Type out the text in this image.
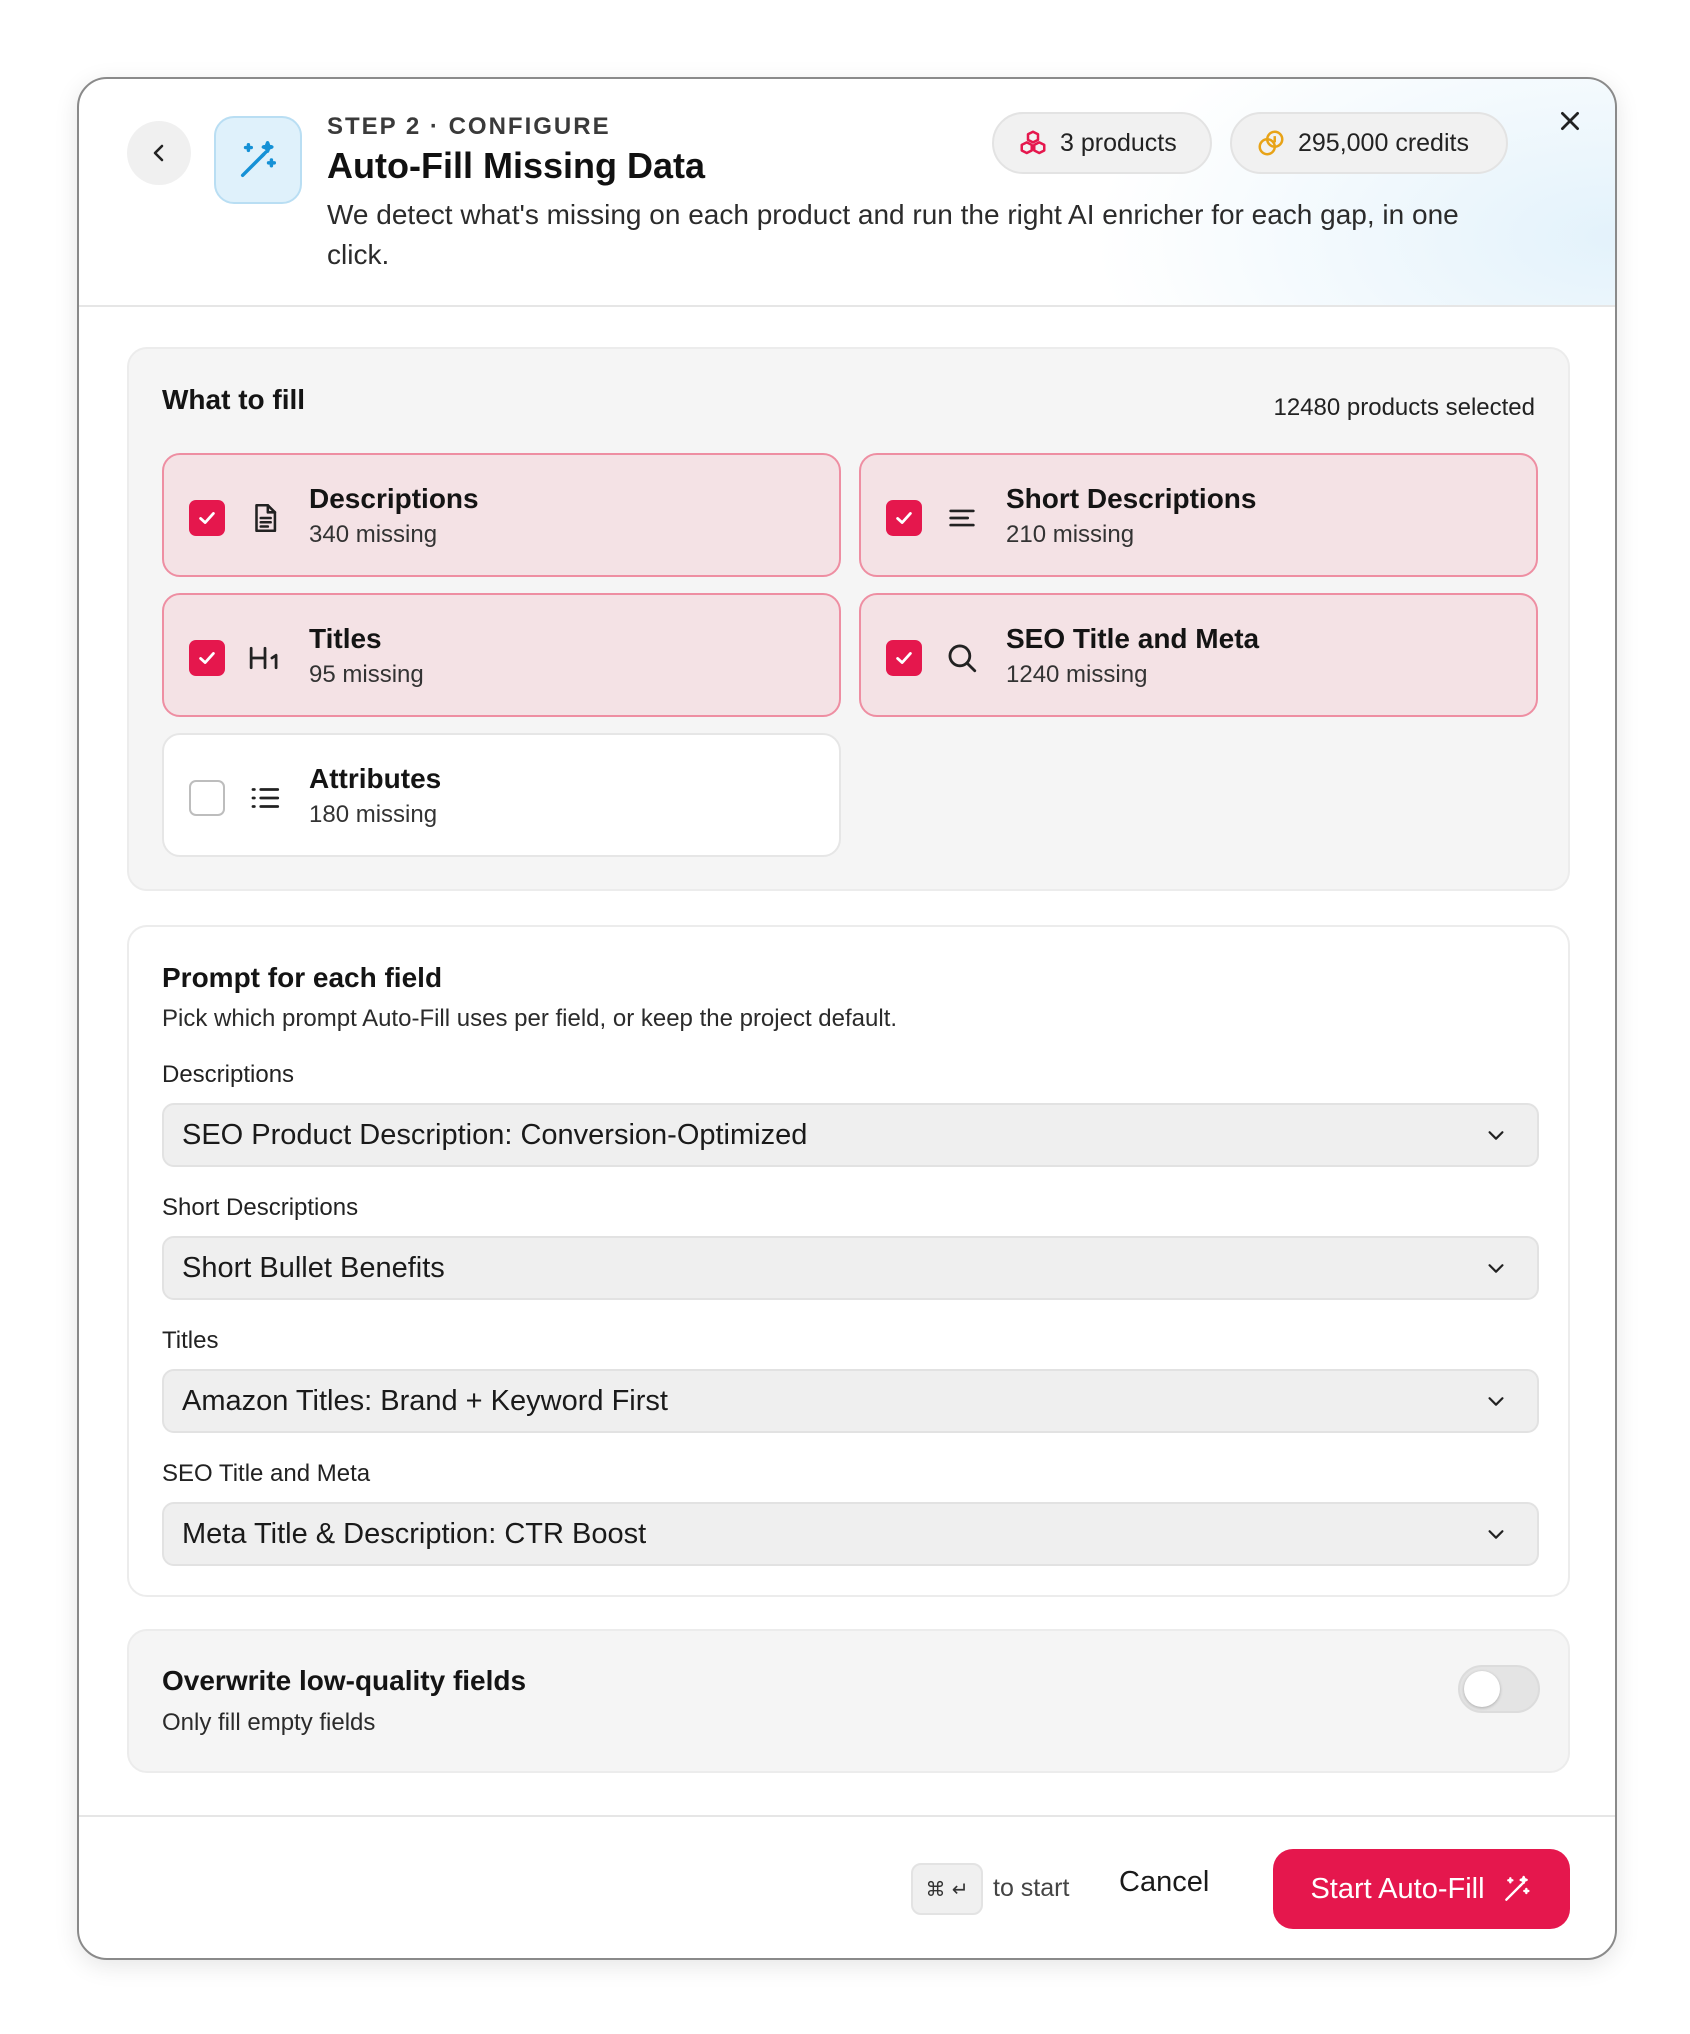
STEP 2 · CONFIGURE
Auto-Fill Missing Data
We detect what's missing on each product and run the right AI enricher for each gap, in one click.
3 products	295,000 credits
What to fill	12480 products selected
Descriptions
340 missing
Short Descriptions
210 missing
Titles
95 missing
SEO Title and Meta
1240 missing
Attributes
180 missing
Prompt for each field
Pick which prompt Auto-Fill uses per field, or keep the project default.
Descriptions
SEO Product Description: Conversion-Optimized
Short Descriptions
Short Bullet Benefits
Titles
Amazon Titles: Brand + Keyword First
SEO Title and Meta
Meta Title & Description: CTR Boost
Overwrite low-quality fields
Only fill empty fields
⌘ ↵ to start Cancel	Start Auto-Fill
